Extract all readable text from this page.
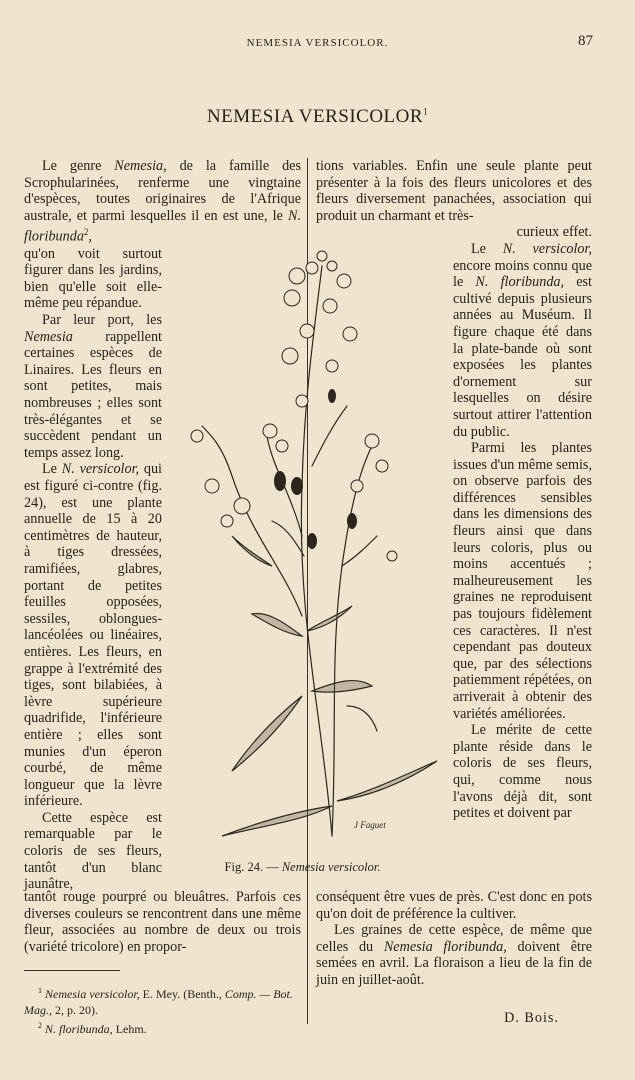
NEMESIA VERSICOLOR.	87
NEMESIA VERSICOLOR$^1$

Le genre Nemesia, de la famille des Scrophularinées, renferme une vingtaine d'espèces, toutes originaires de l'Afrique australe, et parmi lesquelles il en est une, le N. floribunda$^2$,

qu'on voit surtout figurer dans les jardins, bien qu'elle soit elle-même peu répandue.

Par leur port, les Nemesia rappellent certaines espèces de Linaires. Les fleurs en sont petites, mais nombreuses ; elles sont très-élégantes et se succèdent pendant un temps assez long.

Le N. versicolor, qui est figuré ci-contre (fig. 24), est une plante annuelle de 15 à 20 centimètres de hauteur, à tiges dressées, ramifiées, glabres, portant de petites feuilles opposées, sessiles, oblongues-lancéolées ou linéaires, entières. Les fleurs, en grappe à l'extrémité des tiges, sont bilabiées, à lèvre supérieure quadrifide, l'inférieure entière ; elles sont munies d'un éperon courbé, de même longueur que la lèvre inférieure.

Cette espèce est remarquable par le coloris de ses fleurs, tantôt d'un blanc jaunâtre,

tantôt rouge pourpré ou bleuâtres. Parfois ces diverses couleurs se rencontrent dans une même fleur, associées au nombre de deux ou trois (variété tricolore) en propor-

tions variables. Enfin une seule plante peut présenter à la fois des fleurs unicolores et des fleurs diversement panachées, association qui produit un charmant et très-

curieux effet.

Le N. versicolor, encore moins connu que le N. floribunda, est cultivé depuis plusieurs années au Muséum. Il figure chaque été dans la plate-bande où sont exposées les plantes d'ornement sur lesquelles on désire surtout attirer l'attention du public.

Parmi les plantes issues d'un même semis, on observe parfois des différences sensibles dans les dimensions des fleurs ainsi que dans leurs coloris, plus ou moins accentués ; malheureusement les graines ne reproduisent pas toujours fidèlement ces caractères. Il n'est cependant pas douteux que, par des sélections patiemment répétées, on arriverait à obtenir des variétés améliorées.

Le mérite de cette plante réside dans le coloris de ses fleurs, qui, comme nous l'avons déjà dit, sont petites et doivent par

conséquent être vues de près. C'est donc en pots qu'on doit de préférence la cultiver.

Les graines de cette espèce, de même que celles du Nemesia floribunda, doivent être semées en avril. La floraison a lieu de la fin de juin en juillet-août.

D. Bois.
J Faguet
Fig. 24. — Nemesia versicolor.
$^1$ Nemesia versicolor, E. Mey. (Benth., Comp. — Bot. Mag., 2, p. 20).
$^2$ N. floribunda, Lehm.
